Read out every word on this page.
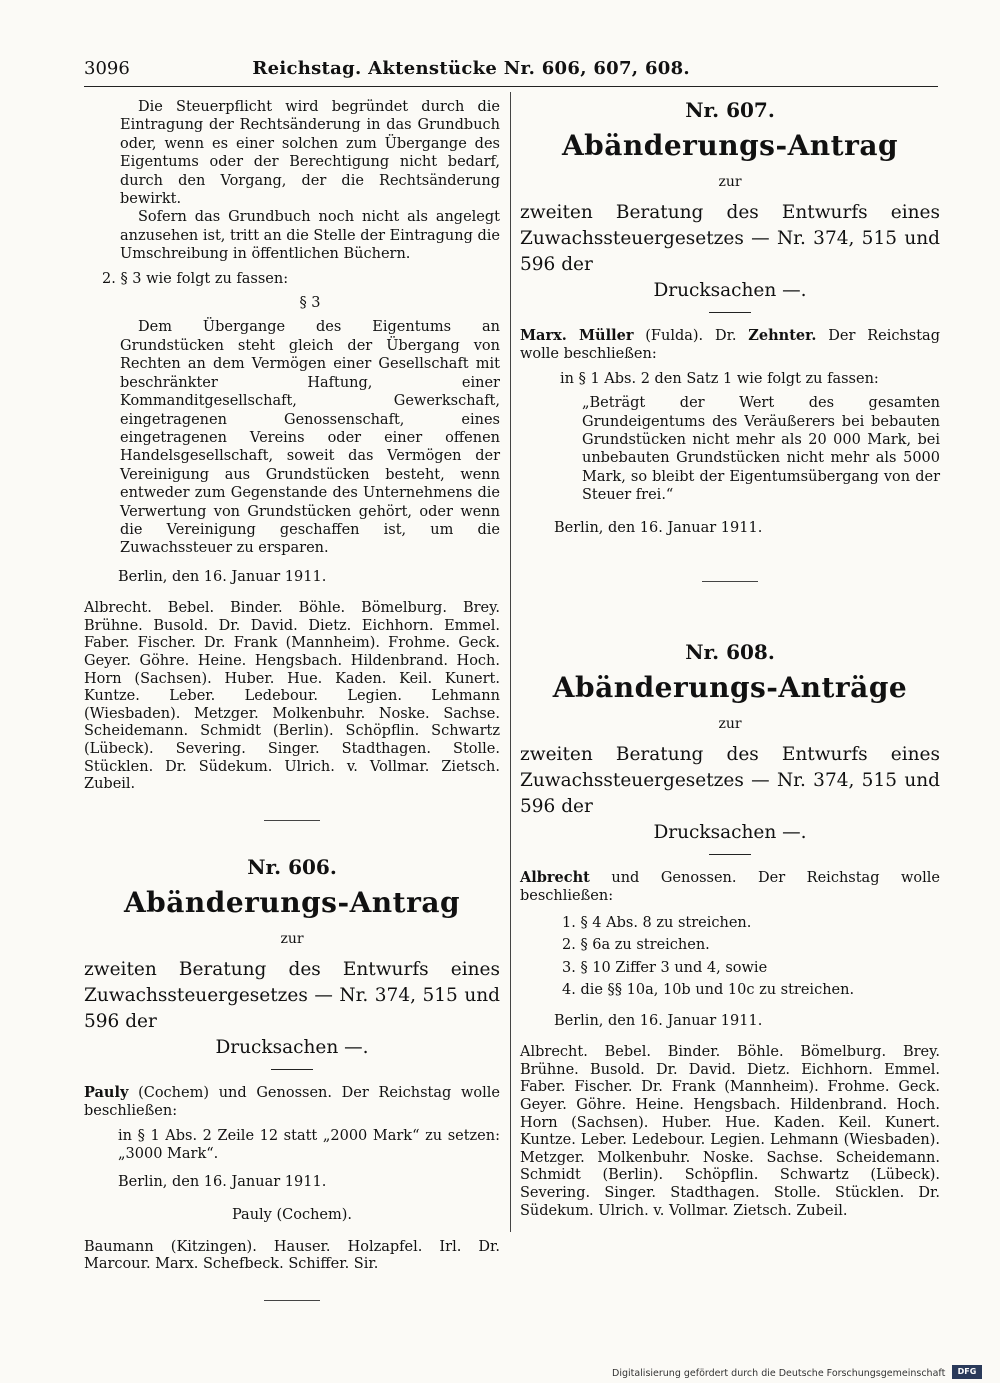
3096	Reichstag. Aktenstücke Nr. 606, 607, 608.

Die Steuerpflicht wird begründet durch die Eintragung der Rechtsänderung in das Grundbuch oder, wenn es einer solchen zum Übergange des Eigentums oder der Berechtigung nicht bedarf, durch den Vorgang, der die Rechtsänderung bewirkt.

Sofern das Grundbuch noch nicht als angelegt anzusehen ist, tritt an die Stelle der Eintragung die Umschreibung in öffentlichen Büchern.

2. § 3 wie folgt zu fassen:

§ 3

Dem Übergange des Eigentums an Grundstücken steht gleich der Übergang von Rechten an dem Vermögen einer Gesellschaft mit beschränkter Haftung, einer Kommanditgesellschaft, Gewerkschaft, eingetragenen Genossenschaft, eines eingetragenen Vereins oder einer offenen Handelsgesellschaft, soweit das Vermögen der Vereinigung aus Grundstücken besteht, wenn entweder zum Gegenstande des Unternehmens die Verwertung von Grundstücken gehört, oder wenn die Vereinigung geschaffen ist, um die Zuwachssteuer zu ersparen.

Berlin, den 16. Januar 1911.

Albrecht. Bebel. Binder. Böhle. Bömelburg. Brey. Brühne. Busold. Dr. David. Dietz. Eichhorn. Emmel. Faber. Fischer. Dr. Frank (Mannheim). Frohme. Geck. Geyer. Göhre. Heine. Hengsbach. Hildenbrand. Hoch. Horn (Sachsen). Huber. Hue. Kaden. Keil. Kunert. Kuntze. Leber. Ledebour. Legien. Lehmann (Wiesbaden). Metzger. Molkenbuhr. Noske. Sachse. Scheidemann. Schmidt (Berlin). Schöpflin. Schwartz (Lübeck). Severing. Singer. Stadthagen. Stolle. Stücklen. Dr. Südekum. Ulrich. v. Vollmar. Zietsch. Zubeil.

Nr. 606.
Abänderungs-Antrag
zur
zweiten Beratung des Entwurfs eines Zuwachssteuergesetzes — Nr. 374, 515 und 596 der
Drucksachen —.

Pauly (Cochem) und Genossen. Der Reichstag wolle beschließen:

in § 1 Abs. 2 Zeile 12 statt „2000 Mark“ zu setzen: „3000 Mark“.

Berlin, den 16. Januar 1911.

Pauly (Cochem).

Baumann (Kitzingen). Hauser. Holzapfel. Irl. Dr. Marcour. Marx. Schefbeck. Schiffer. Sir.

Nr. 607.
Abänderungs-Antrag
zur
zweiten Beratung des Entwurfs eines Zuwachssteuergesetzes — Nr. 374, 515 und 596 der
Drucksachen —.

Marx. Müller (Fulda). Dr. Zehnter. Der Reichstag wolle beschließen:

in § 1 Abs. 2 den Satz 1 wie folgt zu fassen:

„Beträgt der Wert des gesamten Grundeigentums des Veräußerers bei bebauten Grundstücken nicht mehr als 20 000 Mark, bei unbebauten Grundstücken nicht mehr als 5000 Mark, so bleibt der Eigentumsübergang von der Steuer frei.“

Berlin, den 16. Januar 1911.

Nr. 608.
Abänderungs-Anträge
zur
zweiten Beratung des Entwurfs eines Zuwachssteuergesetzes — Nr. 374, 515 und 596 der
Drucksachen —.

Albrecht und Genossen. Der Reichstag wolle beschließen:

1. § 4 Abs. 8 zu streichen.
2. § 6a zu streichen.
3. § 10 Ziffer 3 und 4, sowie
4. die §§ 10a, 10b und 10c zu streichen.

Berlin, den 16. Januar 1911.

Albrecht. Bebel. Binder. Böhle. Bömelburg. Brey. Brühne. Busold. Dr. David. Dietz. Eichhorn. Emmel. Faber. Fischer. Dr. Frank (Mannheim). Frohme. Geck. Geyer. Göhre. Heine. Hengsbach. Hildenbrand. Hoch. Horn (Sachsen). Huber. Hue. Kaden. Keil. Kunert. Kuntze. Leber. Ledebour. Legien. Lehmann (Wiesbaden). Metzger. Molkenbuhr. Noske. Sachse. Scheidemann. Schmidt (Berlin). Schöpflin. Schwartz (Lübeck). Severing. Singer. Stadthagen. Stolle. Stücklen. Dr. Südekum. Ulrich. v. Vollmar. Zietsch. Zubeil.

Digitalisierung gefördert durch die Deutsche Forschungsgemeinschaft	DFG
